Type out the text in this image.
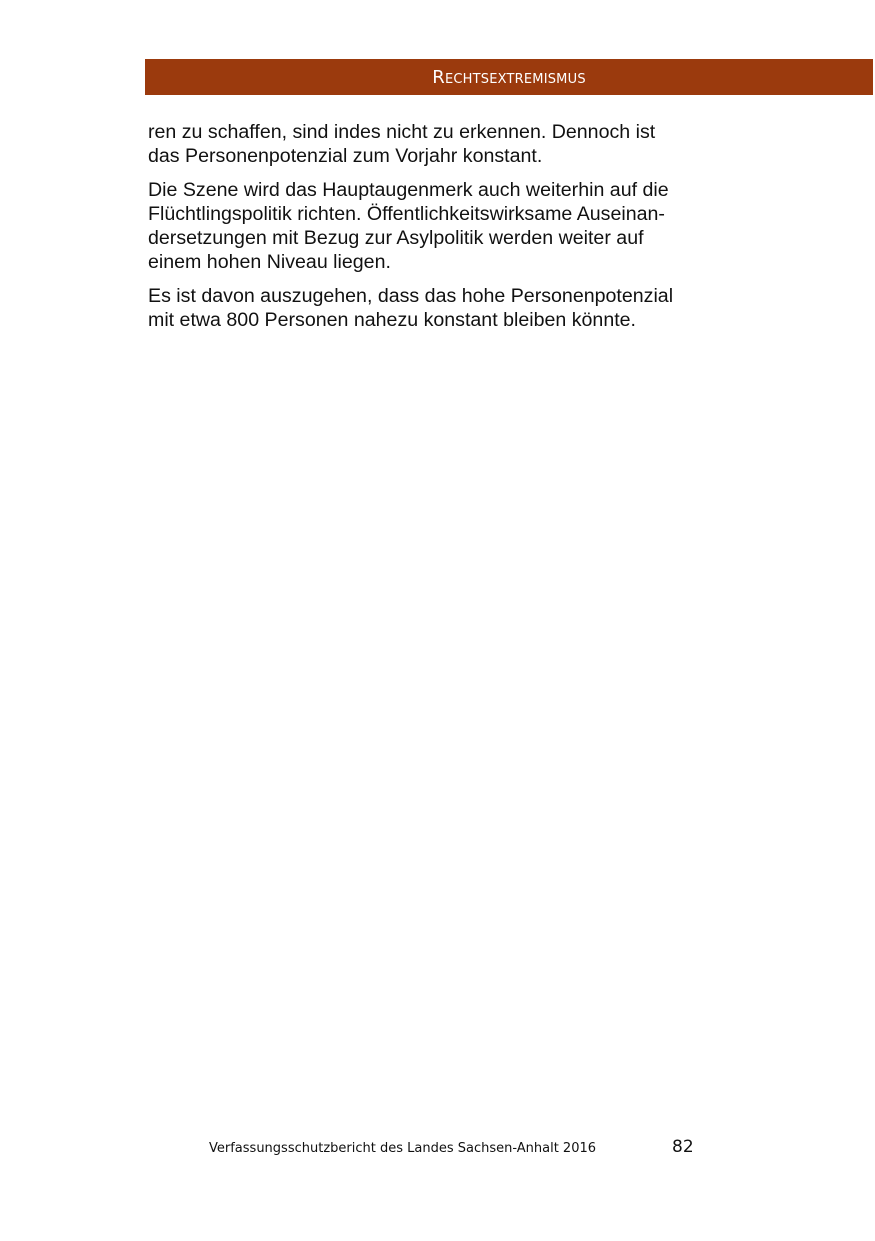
Rechtsextremismus

ren zu schaffen, sind indes nicht zu erkennen. Dennoch ist
das Personenpotenzial zum Vorjahr konstant.

Die Szene wird das Hauptaugenmerk auch weiterhin auf die
Flüchtlingspolitik richten. Öffentlichkeitswirksame Auseinan-
dersetzungen mit Bezug zur Asylpolitik werden weiter auf
einem hohen Niveau liegen.

Es ist davon auszugehen, dass das hohe Personenpotenzial
mit etwa 800 Personen nahezu konstant bleiben könnte.

Verfassungsschutzbericht des Landes Sachsen-Anhalt 2016	82
